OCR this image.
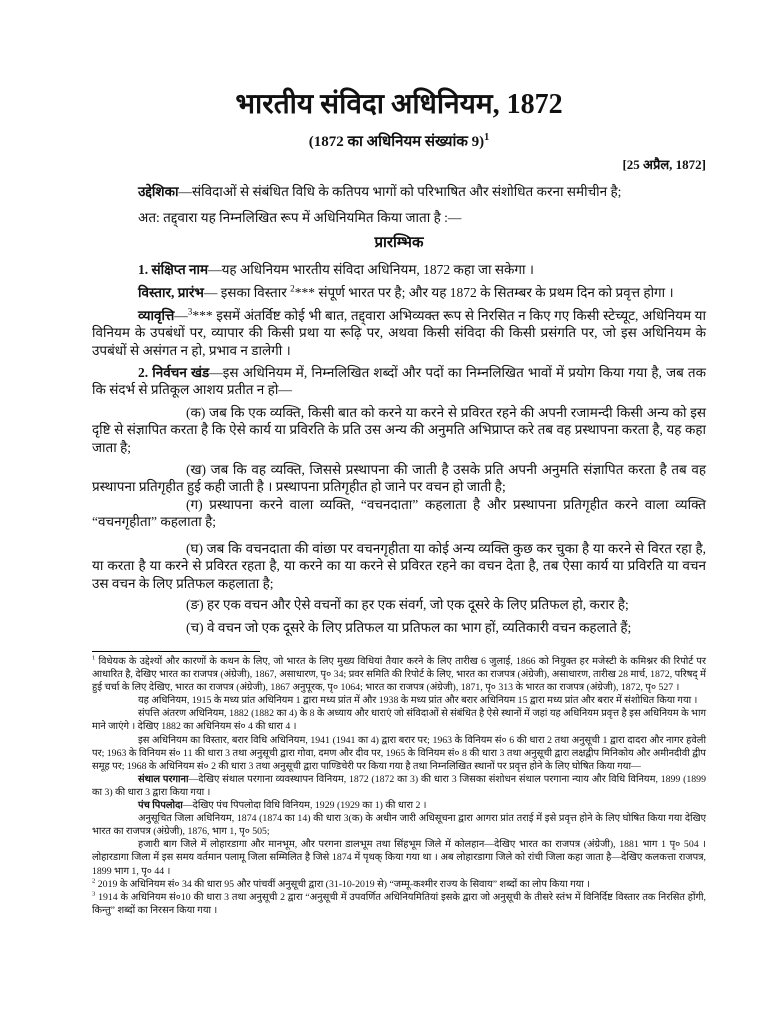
भारतीय संविदा अधिनियम, 1872
(1872 का अधिनियम संख्यांक 9)$^1$
[25 अप्रैल, 1872]

उद्देशिका—संविदाओं से संबंधित विधि के कतिपय भागों को परिभाषित और संशोधित करना समीचीन है;

अत: तद्द्वारा यह निम्नलिखित रूप में अधिनियमित किया जाता है :—

प्रारम्भिक

1. संक्षिप्त नाम—यह अधिनियम भारतीय संविदा अधिनियम, 1872 कहा जा सकेगा ।

विस्तार, प्रारंभ— इसका विस्तार $^2$*** संपूर्ण भारत पर है; और यह 1872 के सितम्बर के प्रथम दिन को प्रवृत्त होगा ।

व्यावृत्ति—$^3$*** इसमें अंतर्विष्ट कोई भी बात, तद्द्वारा अभिव्यक्त रूप से निरसित न किए गए किसी स्टेच्यूट, अधिनियम या विनियम के उपबंधों पर, व्यापार की किसी प्रथा या रूढ़ि पर, अथवा किसी संविदा की किसी प्रसंगति पर, जो इस अधिनियम के उपबंधों से असंगत न हो, प्रभाव न डालेगी ।

2. निर्वचन खंड—इस अधिनियम में, निम्नलिखित शब्दों और पदों का निम्नलिखित भावों में प्रयोग किया गया है, जब तक कि संदर्भ से प्रतिकूल आशय प्रतीत न हो—

(क) जब कि एक व्यक्ति, किसी बात को करने या करने से प्रविरत रहने की अपनी रजामन्दी किसी अन्य को इस दृष्टि से संज्ञापित करता है कि ऐसे कार्य या प्रविरति के प्रति उस अन्य की अनुमति अभिप्राप्त करे तब वह प्रस्थापना करता है, यह कहा जाता है;

(ख) जब कि वह व्यक्ति, जिससे प्रस्थापना की जाती है उसके प्रति अपनी अनुमति संज्ञापित करता है तब वह प्रस्थापना प्रतिगृहीत हुई कही जाती है । प्रस्थापना प्रतिगृहीत हो जाने पर वचन हो जाती है;

(ग) प्रस्थापना करने वाला व्यक्ति, “वचनदाता” कहलाता है और प्रस्थापना प्रतिगृहीत करने वाला व्यक्ति “वचनगृहीता” कहलाता है;

(घ) जब कि वचनदाता की वांछा पर वचनगृहीता या कोई अन्य व्यक्ति कुछ कर चुका है या करने से विरत रहा है, या करता है या करने से प्रविरत रहता है, या करने का या करने से प्रविरत रहने का वचन देता है, तब ऐसा कार्य या प्रविरति या वचन उस वचन के लिए प्रतिफल कहलाता है;

(ङ) हर एक वचन और ऐसे वचनों का हर एक संवर्ग, जो एक दूसरे के लिए प्रतिफल हो, करार है;

(च) वे वचन जो एक दूसरे के लिए प्रतिफल या प्रतिफल का भाग हों, व्यतिकारी वचन कहलाते हैं;

$^1$ विधेयक के उद्देश्यों और कारणों के कथन के लिए, जो भारत के लिए मुख्य विधियां तैयार करने के लिए तारीख 6 जुलाई, 1866 को नियुक्त हर मजेस्टी के कमिश्नर की रिपोर्ट पर आधारित है, देखिए भारत का राजपत्र (अंग्रेजी), 1867, असाधारण, पृ० 34; प्रवर समिति की रिपोर्ट के लिए, भारत का राजपत्र (अंग्रेजी), असाधारण, तारीख 28 मार्च, 1872, परिषद् में हुई चर्चा के लिए देखिए, भारत का राजपत्र (अंग्रेजी), 1867 अनुपूरक, पृ० 1064; भारत का राजपत्र (अंग्रेजी), 1871, पृ० 313 के भारत का राजपत्र (अंग्रेजी), 1872, पृ० 527 ।

यह अधिनियम, 1915 के मध्य प्रांत अधिनियम 1 द्वारा मध्य प्रांत में और 1938 के मध्य प्रांत और बरार अधिनियम 15 द्वारा मध्य प्रांत और बरार में संशोधित किया गया ।

संपत्ति अंतरण अधिनियम, 1882 (1882 का 4) के 8 के अध्याय और धाराएं जो संविदाओं से संबंधित है ऐसे स्थानों में जहां यह अधिनियम प्रवृत्त है इस अधिनियम के भाग माने जाएंगे । देखिए 1882 का अधिनियम सं० 4 की धारा 4 ।

इस अधिनियम का विस्तार, बरार विधि अधिनियम, 1941 (1941 का 4) द्वारा बरार पर; 1963 के विनियम सं० 6 की धारा 2 तथा अनुसूची 1 द्वारा दादरा और नागर हवेली पर; 1963 के विनियम सं० 11 की धारा 3 तथा अनुसूची द्वारा गोवा, दमण और दीव पर, 1965 के विनियम सं० 8 की धारा 3 तथा अनुसूची द्वारा लक्षद्वीप मिनिकोय और अमीनदीवी द्वीप समूह पर; 1968 के अधिनियम सं० 2 की धारा 3 तथा अनुसूची द्वारा पाण्डिचेरी पर किया गया है तथा निम्नलिखित स्थानों पर प्रवृत्त होने के लिए घोषित किया गया—

संथाल परगाना—देखिए संथाल परगाना व्यवस्थापन विनियम, 1872 (1872 का 3) की धारा 3 जिसका संशोधन संथाल परगाना न्याय और विधि विनियम, 1899 (1899 का 3) की धारा 3 द्वारा किया गया ।

पंच पिपलोदा—देखिए पंच पिपलोदा विधि विनियम, 1929 (1929 का 1) की धारा 2 ।

अनुसूचित जिला अधिनियम, 1874 (1874 का 14) की धारा 3(क) के अधीन जारी अधिसूचना द्वारा आगरा प्रांत तराई में इसे प्रवृत्त होने के लिए घोषित किया गया देखिए भारत का राजपत्र (अंग्रेजी), 1876, भाग 1, पृ० 505;

हजारी बाग जिले में लोहारडागा और मानभूम, और परगना डालभूम तथा सिंहभूम जिले में कोलहान—देखिए भारत का राजपत्र (अंग्रेजी), 1881 भाग 1 पृ० 504 । लोहारडागा जिला में इस समय वर्तमान पलामू जिला सम्मिलित है जिसे 1874 में पृथक् किया गया था । अब लोहारडागा जिले को रांची जिला कहा जाता है—देखिए कलकत्ता राजपत्र, 1899 भाग 1, पृ० 44 ।

$^2$ 2019 के अधिनियम सं० 34 की धारा 95 और पांचवीं अनुसूची द्वारा (31-10-2019 से) “जम्मू-कश्मीर राज्य के सिवाय” शब्दों का लोप किया गया ।

$^3$ 1914 के अधिनियम सं०10 की धारा 3 तथा अनुसूची 2 द्वारा “अनुसूची में उपवर्णित अधिनियमितियां इसके द्वारा जो अनुसूची के तीसरे स्तंभ में विनिर्दिष्ट विस्तार तक निरसित होंगी, किन्तु” शब्दों का निरसन किया गया ।
